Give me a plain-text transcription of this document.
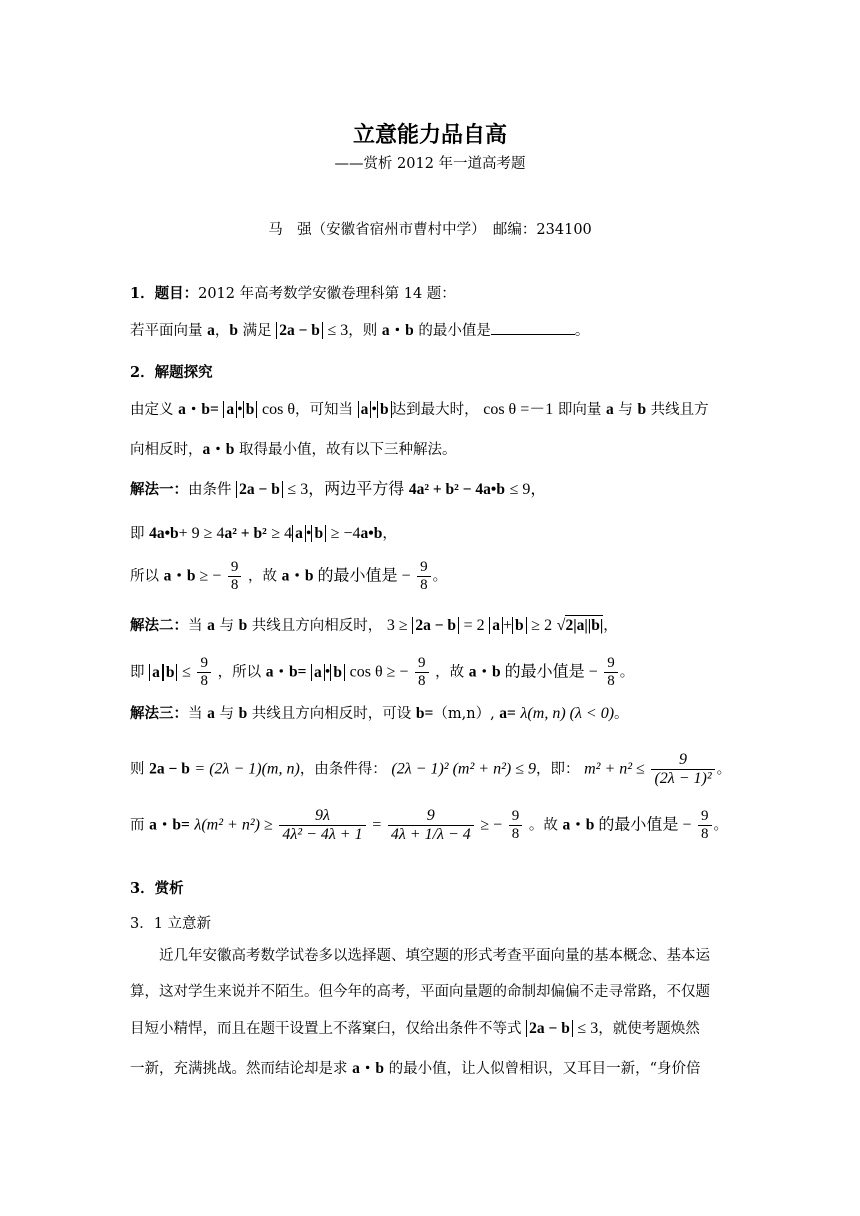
立意能力品自高
——赏析 2012 年一道高考题
马　强（安徽省宿州市曹村中学）　邮编：234100
1．题目：2012 年高考数学安徽卷理科第 14 题：
若平面向量 a，b 满足 2a − b ≤ 3，则 a・b 的最小值是	。
2．解题探究
由定义 a・b= a • b cos θ，可知当 a • b 达到最大时， cos θ =－1 即向量 a 与 b 共线且方
向相反时，a・b 取得最小值，故有以下三种解法。
解法一：由条件 2a − b ≤ 3，两边平方得 4a² + b² − 4a•b ≤ 9，
即 4a•b+ 9 ≥ 4a² + b² ≥ 4 a • b ≥ −4a•b，
所以 a・b ≥ − $\frac{9}{8}$ ，故 a・b 的最小值是 − $\frac{9}{8}$ 。
解法二：当 a 与 b 共线且方向相反时， 3 ≥ 2a − b = 2 a + b ≥ 2 √2|a||b|，
即 a $b \le \frac{9}{8}$ ，所以 a・b= a • b cos θ ≥ − $\frac{9}{8}$ ，故 a・b 的最小值是 − $\frac{9}{8}$ 。
解法三：当 a 与 b 共线且方向相反时，可设 b=（m,n）, a= λ(m, n) (λ < 0)。
则 2a − b = (2λ − 1)(m, n)，由条件得： (2λ − 1)² (m² + n²) ≤ 9，即： $m^2 + n^2 \le \frac{9}{\text{(2λ − 1)²}}$ 。
而 a・$b= \lambda(m^2 + n^2) \ge \frac{9\lambda}{\text{4λ² − 4λ + 1}} = \frac{9}{4\lambda + 1/\lambda - 4}$ ≥ − $\frac{9}{8}$ 。故 a・b 的最小值是 − $\frac{9}{8}$ 。
3．赏析
3．1 立意新
近几年安徽高考数学试卷多以选择题、填空题的形式考查平面向量的基本概念、基本运
算，这对学生来说并不陌生。但今年的高考，平面向量题的命制却偏偏不走寻常路，不仅题
目短小精悍，而且在题干设置上不落窠臼，仅给出条件不等式 2a − b ≤ 3，就使考题焕然
一新，充满挑战。然而结论却是求 a・b 的最小值，让人似曾相识，又耳目一新，“身价倍
